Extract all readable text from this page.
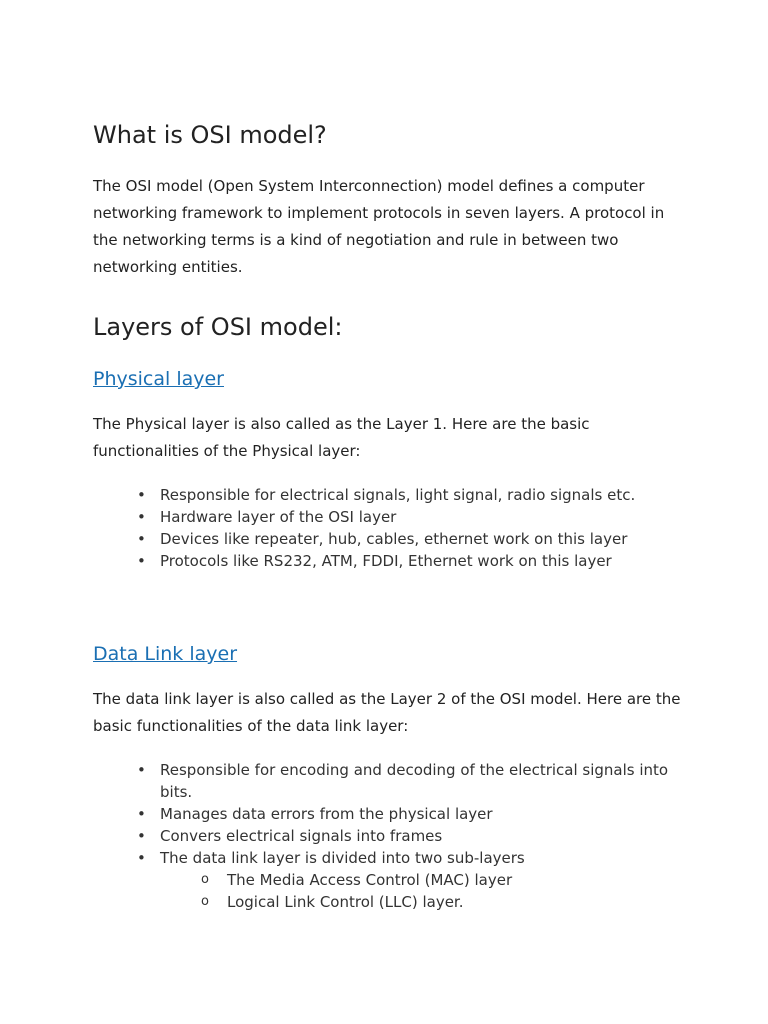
What is OSI model?

The OSI model (Open System Interconnection) model defines a computer networking framework to implement protocols in seven layers. A protocol in the networking terms is a kind of negotiation and rule in between two networking entities.

Layers of OSI model:
Physical layer

The Physical layer is also called as the Layer 1. Here are the basic functionalities of the Physical layer:

• Responsible for electrical signals, light signal, radio signals etc.
• Hardware layer of the OSI layer
• Devices like repeater, hub, cables, ethernet work on this layer
• Protocols like RS232, ATM, FDDI, Ethernet work on this layer
Data Link layer

The data link layer is also called as the Layer 2 of the OSI model. Here are the basic functionalities of the data link layer:

• Responsible for encoding and decoding of the electrical signals into bits.
• Manages data errors from the physical layer
• Convers electrical signals into frames
• The data link layer is divided into two sub-layers
o The Media Access Control (MAC) layer
o Logical Link Control (LLC) layer.
